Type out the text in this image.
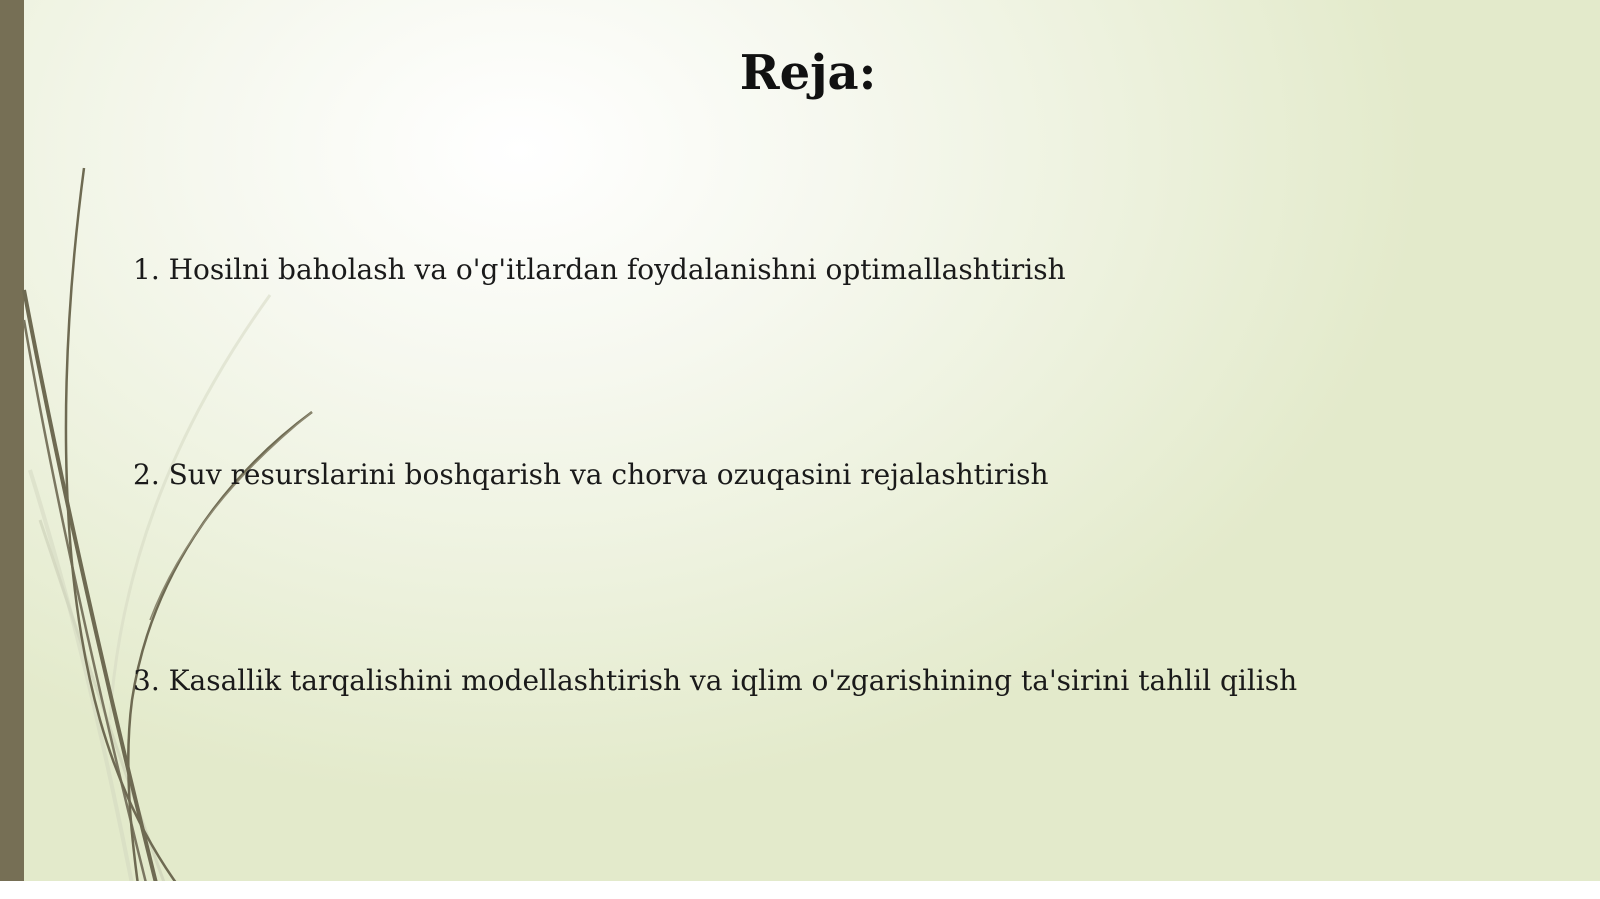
Reja:

1. Hosilni baholash va o'g'itlardan foydalanishni optimallashtirish

2. Suv resurslarini boshqarish va chorva ozuqasini rejalashtirish

3. Kasallik tarqalishini modellashtirish va iqlim o'zgarishining ta'sirini tahlil qilish
